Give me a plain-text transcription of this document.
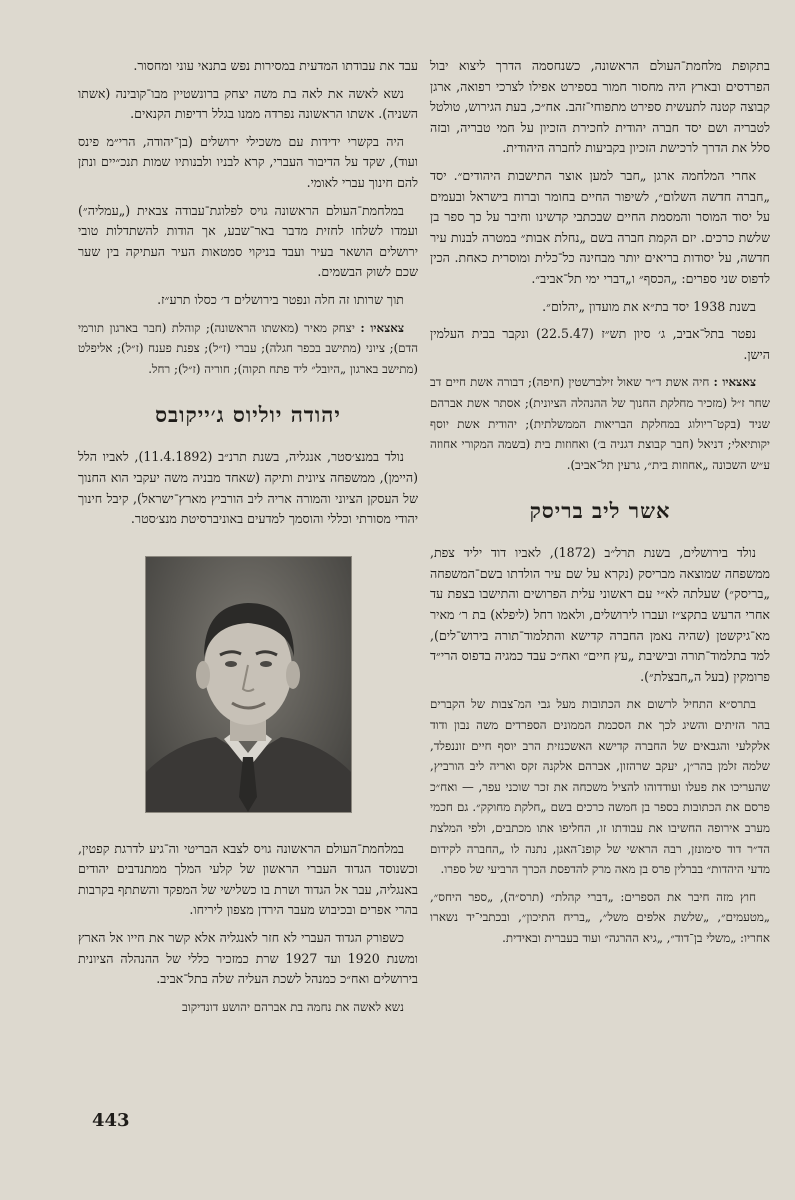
בתקופת מלחמת־העולם הראשונה, כשנחסמה הדרך ליצוא יבול הפרדסים ובארץ היה מחסור חמור בספירט אפילו לצרכי רפואה, ארגן קבוצה קטנה לתעשית ספירט מתפוחי־זהב. אח״כ, בעת הגירוש, טולטל לטבריה ושם יסד חברה יהודית לחכירת הזכיון על חמי טבריה, ובזה סלל את הדרך לרכישת הזכיון בקביעות לחברה היהודית.

אחרי המלחמה ארגן „חבר למען אוצר התישבות היהודים״. יסד „חברה חדשה השלום״, לשיפור החיים בחומר וברוח בישראל ובעמים על יסוד המוסר והמסמת החיים שבכתבי קדשינו וחיבר על כך ספר בן שלשת כרכים. יזם הקמת חברה בשם „נחלת אבות״ במטרה לבנות עיר חדשה, על יסודות בריאים יותר מבחינה כל־כלית ומוסרית כאחת. הכין לדפוס שני ספרים: „הכסף״ ו„דברי ימי תל־אביב״.

בשנת 1938 יסד בת״א את מועדון „יהלום״.

נפטר בתל־אביב, ג׳ סיון תש״ז (22.5.47) ונקבר בבית העלמין הישן.

צאצאיו : חיה אשת ד״ר שאול זילברשטין (חיפה); דבורה אשת חיים דב שחר ז״ל (מזכיר מחלקת החנוך של ההנהלה הציונית); אסתר אשת אברהם שניד (בקט־ריולוג במחלקת הבריאות הממשלתית); יהודית אשת יוסף יקותיאלי; דניאל (חבר קבוצת דגניה ב׳) ואחוזות בית (בשמה המקורי אחוזה ע״ש השכונה „אחוזות בית״, גרעין תל־אביב).

אשר ליב בריסק

נולד בירושלים, בשנת תרל״ב (1872), לאביו דוד יליד צפת, ממשפחה שמוצאה מבריסק (נקרא על שם עיר הולדתו בשם־המשפחה „בריסק״) שעלתה לא״י עם ראשוני עלית הפרושים והתישבו בצפת עד אחרי הרעש בתקצ״ז ועברו לירושלים, ולאמו רחל (ליפלא) בת ר׳ מאיר מא־גיקשטן (שהיה נאמן החברה קדישא והתלמוד־תורה בירוש־לים), למד בתלמוד־תורה ובישיבת „עץ חיים״ ואח״כ עבד כמגיה בדפוס הרי״ד פרומקין (בעל ה„חבצלת״).

בתרס״א התחיל לרשום את הכתובות מעל גבי המ־צבות של הקברים בהר הזיתים והשיג לכך את הסכמת הממונים הספרדים משה נבון ודוד אלקלעי והגבאים של החברה קדישא האשכנזית הרב יוסף חיים זוננפלד, שלמה זלמן בהר״ן, יעקב שרהזון, אברהם אלקנה זקס ואריה ליב הורביץ, שהעריכו את פעלו ועודדוהו להציל משכחה את זכר שוכני עפר, — ואח״כ פרסם את הכתובות בספר בן חמשה כרכים בשם „חלקת מחוקק״. גם חכמי מערב אירופה החשיבו את עבודתו זו, החליפו אתו מכתבים, ולפי המלצת הד״ר דוד סימונזן, רבה הראשי של קופנ־האגן, נתנה לו „החברה לקידום מדעי היהדות״ בברלין פרס בן מאה מרק להדפסת הכרך הרביעי של ספרו.

חוץ מזה חיבר את הספרים: „דברי קהלת״ (תרס״ה), „ספר היחס״, „מטעמים״, „שלשת אלפים משל״, „בריח התיכון״, ובכתבי־יד נשארו אחריו: „משלי בן־דוד״, „גיא ההרגה״ ועוד בעברית ובאידית.

עבד את עבודתו המדעית במסירות נפש בתנאי עוני ומחסור.

נשא לאשה את לאה בת משה יצחק ברונשטיין מבו־קובינה (אשתו השניה). אשתו הראשונה נפרדה ממנו בגלל רדיפות הקנאים.

היה בקשרי ידידות עם משכילי ירושלים (בן־יהודה, הרי״מ פינס ועוד), שקד על הדיבור העברי, קרא לבניו ולבנותיו שמות תנכ״יים ונתן להם חינוך עברי לאומי.

במלחמת־העולם הראשונה גויס לפלוגת־עבודה צבאית („עמליה״) ועמדו לשלחו לחזית מדבר באר־שבע, אך הודות להשתדלות טובי ירושלים הושאר בעיר ועבד בניקוי סמטאות העיר העתיקה בין שער שכם לשוק הבשמים.

תוך שרותו זה חלה ונפטר בירושלים ד׳ כסלו תרע״ז.

צאצאיו : יצחק מאיר (מאשתו הראשונה); קוהלת (חבר בארגון תורמי הדם); ציוני (מתישב בכפר חגלה); עברי (ז״ל); צפנת פענח (ז״ל); אליפלט (מתישב בארגון „היובל״ ליד פתח תקוה); חוריה (ז״ל); רחל.

יהודה יוליוס ג׳ייקובס

נולד במנצ׳סטר, אנגליה, בשנת תרנ״ב (11.4.1892), לאביו הלל (היימן), ממשפחה ציונית ותיקה (שאחד מבניה משה יעקבי הוא החנוך של העסקן הציוני והמורה אריה ליב הורביץ מארץ־ישראל), קיבל חינוך יהודי מסורתי וכללי והוסמך למדעים באוניברסיטת מנצ׳סטר.

במלחמת־העולם הראשונה גויס לצבא הבריטי וה־גיע לדרגת קפטין, וכשנוסד הגדוד העברי הראשון של קלעי המלך ממתנדבים יהודים באנגליה, עבר אל הגדוד ושרת בו כשלישי של המפקד והשתתף בקרבות בהרי אפרים ובכיבוש מעבר הירדן מצפון ליריחו.

כשפורק הגדוד העברי לא חזר לאנגליה אלא קשר את חייו אל הארץ ומשנת 1920 ועד 1927 שרת כמזכיר כללי של ההנהלה הציונית בירושלים ואח״כ כמנהל לשכת העליה שלה בתל־אביב.

נשא לאשה את נחמה בת אברהם יהושע דונדיקוב

443
